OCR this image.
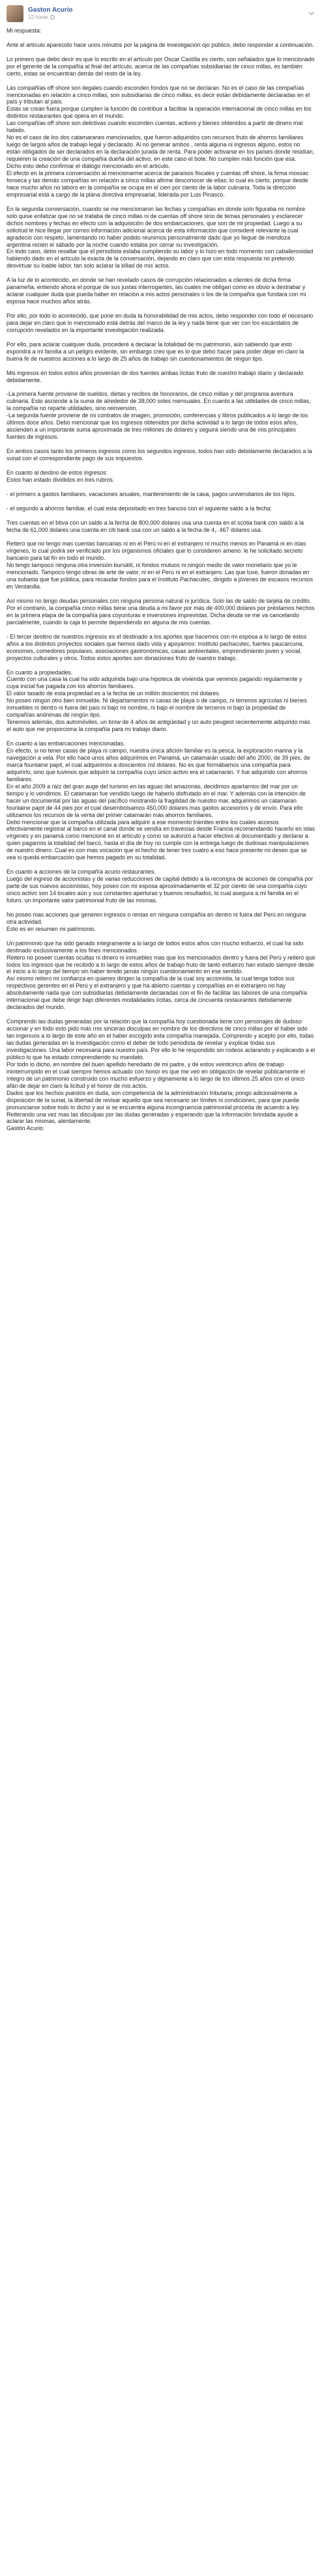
Gaston Acurio
12 horas

Mi respuesta:

Ante el artículo aparecido hace unos minutos por la página de investigación ojo público, debo responder a continuación.

Lo primero que debo decir es que lo escrito en el artículo por Oscar Castilla es cierto, son señalados que lo mencionado por el gerente de la compañía al final del artículo, acerca de las compañías subsidiarias de cinco millas, es también cierto, estas se encuentran detrás del resto de la ley.

Las compañías off shore son ilegales cuando esconden fondos que no se declaran. No es el caso de las compañías mencionadas en relación a cinco millas, son subsidiarias de cinco millas, es decir están debidamente declaradas en el país y tributan al país.
Estas se crean fuera porque cumplen la función de contribuir a facilitar la operación internacional de cinco millas en los distintos restaurantes que opera en el mundo.
Las compañías off shore son delictivas cuando esconden cuentas, activos y bienes obtenidos a partir de dinero mal habido.
No es el caso de los dos catamaranes mencionados, que fueron adquiridos con recursos fruto de ahorros familiares luego de largos años de trabajo legal y declarado. Al no generar ambos , renta alguna ni ingresos alguno, estos no están obligados de ser declarados en la declaración jurada de renta. Para poder activarse en los países donde residían, requieren la creación de una compañía dueña del activo, en este caso el bote. No cumplen más función que esa.
Dicho esto debo confirmar el diálogo mencionado en el artículo.
El efecto en la primera conversación al mencionarme acerca de paraísos fiscales y cuentas off shore, la firma mossac fonseca y las demás compañías en relación a cinco millas afirme desconocer de ellas; lo cual es cierto, porque desde hace mucho años no laboro en la compañía se ocupa en el cien por ciento de la labor culinaria. Toda la dirección empresarial está a cargo de la plana directiva empresarial, liderada por Luis Pinasco.

En la segunda conversación, cuando se me mencionaron las fechas y compañías en donde solo figuraba mi nombre solo quise enfatizar que no se trataba de cinco millas ni de cuentas off shore sino de temas personales y esclarecer dichos nombres y fechas en efecto con la adquisición de dos embarcaciones, que son de mi propiedad. Luego a su solicitud le hice llegar por correo información adicional acerca de esta información que consideré relevante la cual agradeció con respeto, lamentando no haber podido reunirnos personalmente dado que yo llegue de mendoza argentina recién el sábado por la noche cuando estaba por cerrar su investigación.
En todo caso, debo resaltar que el periodista estaba cumpliendo su labor y lo hizo en todo momento con caballerosidad habiendo dado en el artículo la exacta de la conversación, dejando en claro que con esta respuesta no pretendo desvirtuar su loable labor, tan solo aclarar la killad de mis actos.

A la luz de lo acontecido, en donde se han revelado casos de corrupción relacionados a clientes de dicha firma panameña, entiendo ahora el porque de sus justas interrogantes, las cuales me obligan como es obvio a destrabar y aclarar cualquier duda que pueda haber en relación a mis actos personales o los de la compañía que fundara con mi esposa hace muchos años atrás.

Por ello, por todo lo acontecido, que pone en duda la honorabilidad de mis actos, debo responder con todo el necesario para dejar en claro que lo mencionado está detrás del marco de la ley y nada tiene que ver con los escándalos de corrupción revelados en la importante investigación realizada.

Por ello, para aclarar cualquier duda, procederé a declarar la totalidad de mi patrimonio, aún sabiendo que esto expondrá a mi familia a un peligro evidente, sin embargo creo que es lo que debo hacer para poder dejar en claro la buena fe de nuestros acciones a lo largo de 25 años de trabajo sin cuestionamientos de ningún tipo.

Mis ingresos en todos estos años provenían de dos fuentes ambas lícitas fruto de nuestro trabajo diario y declarado debidamente.

-La primera fuente proviene de sueldos, dietas y recibos de honorarios, de cinco millas y del programa aventura culinaria. Esto asciende a la suma de alrededor de 38,000 soles mensuales. En cuanto a las utilidades de cinco millas, la compañía no reparte utilidades, sino reinversión.
-La segunda fuente proviene de mi contratos de imagen, promoción, conferencias y libros publicados a lo largo de los últimos doce años. Debo mencionar que los ingresos obtenidos por dicha actividad a lo largo de todos esos años, ascienden a un importante suma aproximada de tres millones de dolares y seguirá siendo una de mis principales fuentes de ingresos.

En ambos casos tanto los primeros ingresos como los segundos ingresos, todos han sido debidamente declarados a la sunat con el correspondiente pago de sus impuestos.

En cuanto al destino de estos ingresos:
Estos han estado divididos en tres rubros.

- el primero a gastos familiares, vacaciones anuales, mantenimiento de la casa, pagos universitarios de los hijos.

- el segundo a ahorros familiar, el cual esta depositado en tres bancos con el siguiente saldo a la fecha:

Tres cuentas en el bbva con un saldo a la fecha de 800,000 dolares usa una cuenta en el scotia bank con saldo a la fecha de 61,000 dolares una cuenta en citi bank usa con un saldo a la fecha de 4,. 467 dolares usa.

Reitero que no tengo mas cuentas bancarias ni en el Perú ni en el extranjero ni mucho menos en Panamá ni en islas vírgenes, lo cual podrá ser verificado por los organismos oficiales que lo consideren ameno. le he solicitado secreto bancario para tal fin en todo el mundo.
No tengo tampoco ninguna otra inversión bursátil, ni fondos mutuos ni ningún medio de valor monetario que yo le mencionado. Tampoco tengo obras de arte de valor, ni en el Perú ni en el extranjero. Las que tuve, fueron donadas en una subasta que fue pública, para recaudar fondos para el Instituto Pachacútec, dirigido a jóvenes de escasos recursos en Ventanilla.

Así mismo no tengo deudas personales con ninguna persona natural ni jurídica. Solo las de saldo de tarjeta de crédito.
Por el contrario, la compañía cinco millas tiene una deuda a mi favor por más de 400,000 dolares por préstamos hechos en la primera etapa de la compañía para coyunturas e inversiones imprevistas. Dicha deuda se me va cancelando parcialmente, cuando la caja lo permite dependiendo en alguna de mis cuentas.

- El tercer destino de nuestros ingresos es el destinado a los aportes que hacemos con mi esposa a lo largo de estos años a los distintos proyectos sociales que hemos dado vida y apoyamos: Instituto pachacutec, fuertes paucarcuna, economes, comedores populares, asociaciones gastronómicas, casas ambientales, emprendimiento joven y social, proyectos culturales y otros. Todos estos aportes son donaciones fruto de nuestro trabajo.

En cuanto a propiedades.
Cuento con una casa la cual ha sido adquirida bajo una hipoteca de vivienda que venimos pagando regularmente y cuya inicial fue pagada con los ahorros familiares.
El valor tasado de esta propiedad es a la fecha de un millón doscientos mil dolares.
No poseo ningún otro bien inmueble. Ni departamentos ni casas de playa o de campo, ni terrenos agrícolas ni bienes inmuebles ni dentro ni fuera del país ni bajo mi nombre, ni bajo el nombre de terceros ni bajo la propiedad de compañías anónimas de ningún tipo.
Tenemos además, dos automóviles, un bmw de 4 años de antigüedad y un auto peugeot recientemente adquirido más el auto que me proporciona la compañía para mi trabajo diario.

En cuanto a las embarcaciones mencionadas.
En efecto, si no tener casas de playa ni campo, nuestra única afición familiar es la pesca, la exploración marina y la navegación a vela. Por ello hace unos años adquirimos en Panamá, un catamarán usado del año 2000, de 39 pies, de marca fountaine pajot, el cual adquirimos a doscientos mil dolares. No es que formábamos una compañía para adquirirlo, sino que tuvimos que adquirir la compañía cuyo único activo era el catamarán. Y fue adquirido con ahorros familiares.
En el año 2009 a raíz del gran auge del turismo en las aguas del amazonas, decidimos apartarnos del mar por un tiempo y lo vendimos. El catamaran fue vendido luego de haberlo disfrutado en el mar. Y además con la intención de hacer un documental por las aguas del pacífico mostrando la fragilidad de nuestro mar, adquirimos un catamaran fountaine pajot de 44 pies por el cual desembolsamos 450,000 dolares mas gastos accesorios y de envío. Para ello utilizamos los recursos de la venta del primer catamarán más ahorros familiares.
Debo mencionar que la compañía utilizada para adquirir a ese momento trámites entre los cuales accesos efectivamente registrar al barco en el canal donde se vendía en travesías desde Francia recomendando hacerlo en islas vírgenes y en panamá como mencioné en el artículo y como se autorizó a hacer efectivo al documentado y declarar a quien pagamos la totalidad del barco, hasta el día de hoy no cumple con la entrega luego de dudosas manipulaciones de nuestro dinero. Cual es con mas vocación que el hecho de tener tres cuatro a eso hace presente mi deseo que se vea si queda embarcación que hemos pagado en su totalidad.

En cuanto a acciones de la compañía acurio restaurantes.
Luego del ingreso de accionistas y de varias reducciones de capital debido a la recompra de acciones de compañía por parte de sus nuevos accionistas, hoy poseo con mi esposa aproximadamente el 32 por ciento de una compañía cuyo único activo son 14 locales aún y sus constantes aperturas y buenos resultados, lo cual asegura a mi familia en el futuro. un importante valor patrimonial fruto de las mismas.

No poseo mas acciones que generen ingresos o rentas en ninguna compañía en dentro ni fuera del Perú en ninguna otra actividad.
Esto es en resumen mi patrimonio.

Un patrimonio que ha sido ganado íntegramente a lo largo de todos estos años con mucho esfuerzo, el cual ha sido destinado exclusivamente a los fines mencionados.
Reitero no poseer cuentas ocultas ni dinero ni inmuebles mas que los mencionados dentro y fuera del Perú y reitero que todos los ingresos que he recibido a lo largo de estos años de trabajo fruto de tanto esfuerzo han estado siempre desde el inicio a lo largo del tiempo sin haber tenido jamás ningún cuestionamiento en ese sentido.
Así mismo reitero mi confianza en quienes dirigen la compañía de la cual soy accionista, la cual tenga todos sus respectivos gerentes en el Perú y el extranjero y que ha abierto cuentas y compañías en el extranjero no hay absolutamente nada que con subsidiarias debidamente declaradas con el fin de facilitar las labores de una compañía internacional que debe dirigir bajo diferentes modalidades lícitas, cerca de cincuenta restaurantes debidamente declarados del mundo.

Comprendo las dudas generadas por la relación que la compañía hoy cuestionada tiene con personajes de dudoso accionar y en todo esto pido más mis sinceras disculpas en nombre de los directivos de cinco millas por el haber sido tan ingenuos a lo largo de este año en el haber escogido esta compañía manejada. Comprendo y acepto por ello, todas las dudas generadas en la investigación como el deber de todo periodista de revelar y explicar todas sus investigaciones. Una labor necesaria para nuestro país. Por ello lo he respondido sin rodeos aclarando y explicando a el público lo que ha estado comprendiendo su mandato.
Por todo lo dicho, en nombre del buen apellido heredado de mi padre, y de estos veinticinco años de trabajo ininterrumpido en el cual siempre hemos actuado con honor es que me veo en obligación de revelar públicamente el íntegro de un patrimonio construido con mucho esfuerzo y dignamente a lo largo de los últimos 25 años con el único afán de dejar en claro la licitud y el honor de mis actos.
Dados que los hechos puestos en duda, son competencia de la administración tributaria; pongo adicionalmente a disposición de la sunat, la libertad de revisar aquello que sea necesario sin límites ni condiciones, para que pueda pronunciarse sobre todo lo dicho y así si se encuentra alguna incongruencia patrimonial proceda de acuerdo a ley.
Reiterando una vez mas las disculpas por las dudas generadas y esperando que la información brindada ayude a aclarar las mismas, atentamente.
Gastón Acurio.
